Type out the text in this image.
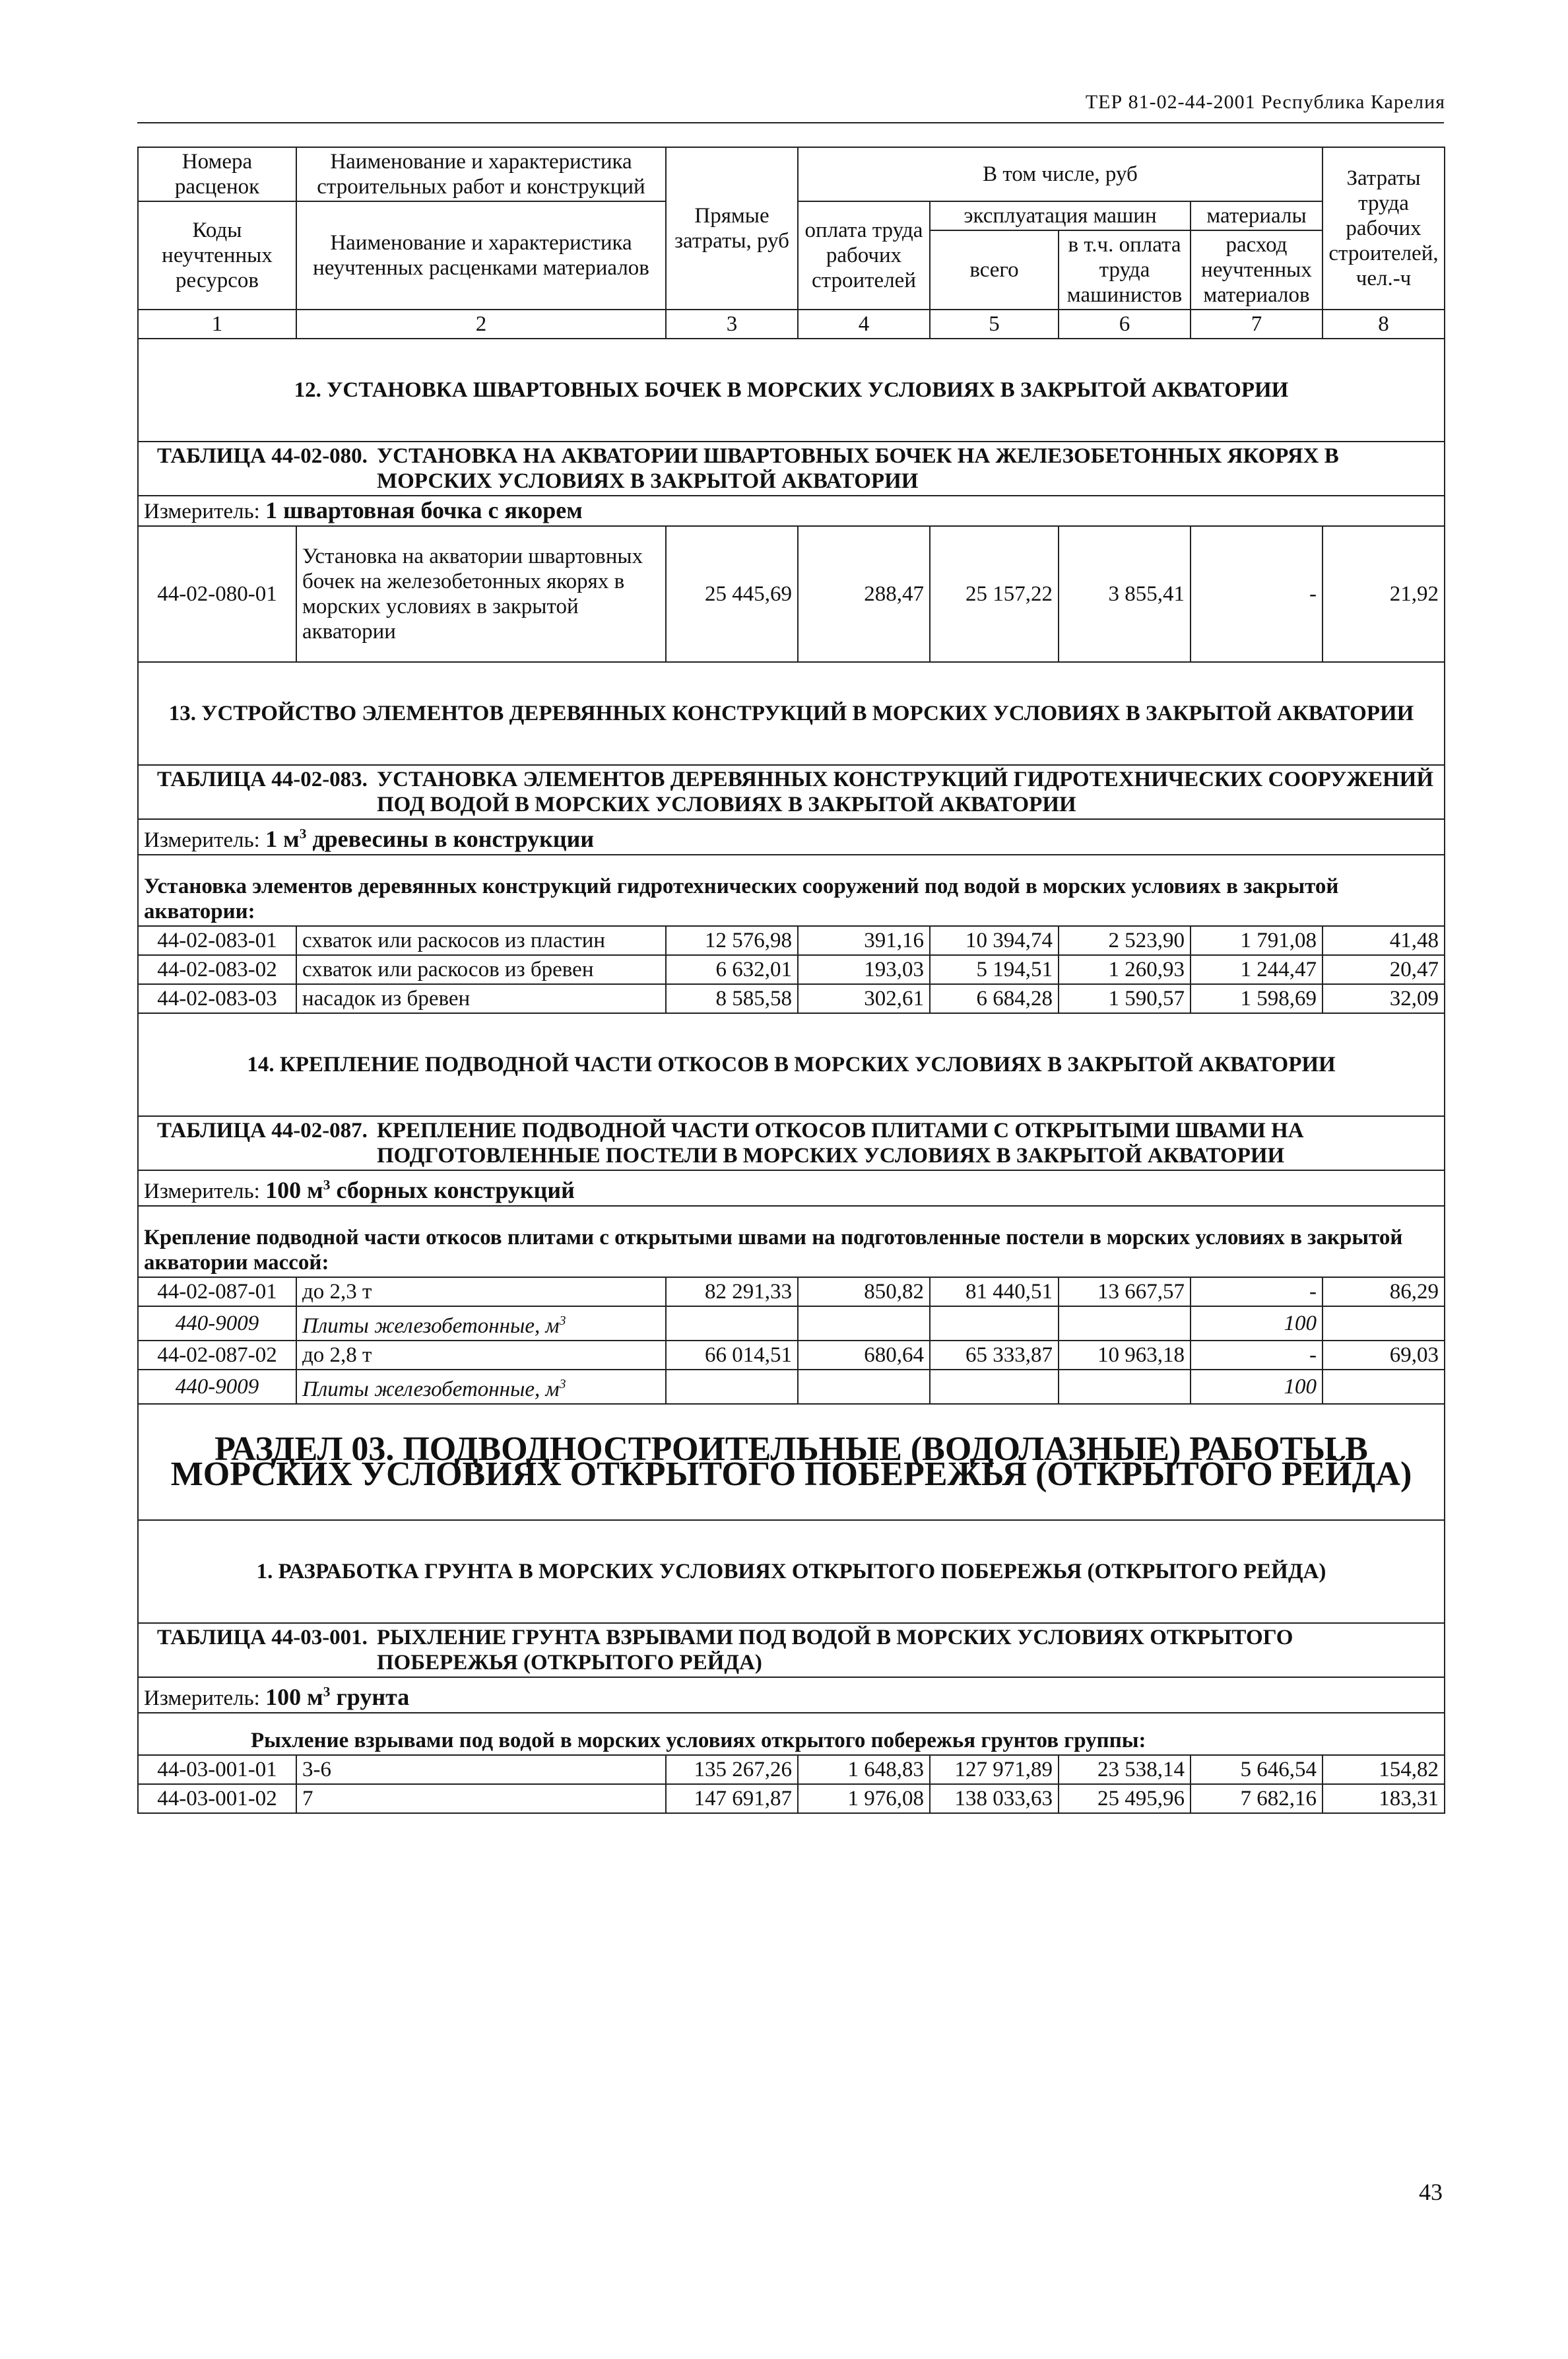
ТЕР 81-02-44-2001 Республика Карелия
Номера расценок	Наименование и характеристика строительных работ и конструкций	Прямые затраты, руб	В том числе, руб				Затраты труда рабочих строителей, чел.-ч
Коды неучтенных ресурсов	Наименование и характеристика неучтенных расценками материалов		оплата труда рабочих строителей	эксплуатация машин		материалы	
				всего	в т.ч. оплата труда машинистов	расход неучтенных материалов	
1	2	3	4	5	6	7	8
12. УСТАНОВКА ШВАРТОВНЫХ БОЧЕК В МОРСКИХ УСЛОВИЯХ В ЗАКРЫТОЙ АКВАТОРИИ							

ТАБЛИЦА 44-02-080. УСТАНОВКА НА АКВАТОРИИ ШВАРТОВНЫХ БОЧЕК НА ЖЕЛЕЗОБЕТОННЫХ ЯКОРЯХ В МОРСКИХ УСЛОВИЯХ В ЗАКРЫТОЙ АКВАТОРИИ							

Измеритель: 1 швартовная бочка с якорем							
44-02-080-01	Установка на акватории швартовных бочек на железобетонных якорях в морских условиях в закрытой акватории	25 445,69	288,47	25 157,22	3 855,41	-	21,92
13. УСТРОЙСТВО ЭЛЕМЕНТОВ ДЕРЕВЯННЫХ КОНСТРУКЦИЙ В МОРСКИХ УСЛОВИЯХ В ЗАКРЫТОЙ АКВАТОРИИ							

ТАБЛИЦА 44-02-083. УСТАНОВКА ЭЛЕМЕНТОВ ДЕРЕВЯННЫХ КОНСТРУКЦИЙ ГИДРОТЕХНИЧЕСКИХ СООРУЖЕНИЙ ПОД ВОДОЙ В МОРСКИХ УСЛОВИЯХ В ЗАКРЫТОЙ АКВАТОРИИ							

Измеритель: 1 $м^3$ древесины в конструкции							
Установка элементов деревянных конструкций гидротехнических сооружений под водой в морских условиях в закрытой акватории:							
44-02-083-01	схваток или раскосов из пластин	12 576,98	391,16	10 394,74	2 523,90	1 791,08	41,48
44-02-083-02	схваток или раскосов из бревен	6 632,01	193,03	5 194,51	1 260,93	1 244,47	20,47
44-02-083-03	насадок из бревен	8 585,58	302,61	6 684,28	1 590,57	1 598,69	32,09
14. КРЕПЛЕНИЕ ПОДВОДНОЙ ЧАСТИ ОТКОСОВ В МОРСКИХ УСЛОВИЯХ В ЗАКРЫТОЙ АКВАТОРИИ							

ТАБЛИЦА 44-02-087. КРЕПЛЕНИЕ ПОДВОДНОЙ ЧАСТИ ОТКОСОВ ПЛИТАМИ С ОТКРЫТЫМИ ШВАМИ НА ПОДГОТОВЛЕННЫЕ ПОСТЕЛИ В МОРСКИХ УСЛОВИЯХ В ЗАКРЫТОЙ АКВАТОРИИ							

Измеритель: 100 $м^3$ сборных конструкций							
Крепление подводной части откосов плитами с открытыми швами на подготовленные постели в морских условиях в закрытой акватории массой:							
44-02-087-01	до 2,3 т	82 291,33	850,82	81 440,51	13 667,57	-	86,29
440-9009	Плиты железобетонные, $м^3$					100	
44-02-087-02	до 2,8 т	66 014,51	680,64	65 333,87	10 963,18	-	69,03
440-9009	Плиты железобетонные, $м^3$					100	
РАЗДЕЛ 03. ПОДВОДНОСТРОИТЕЛЬНЫЕ (ВОДОЛАЗНЫЕ) РАБОТЫ В МОРСКИХ УСЛОВИЯХ ОТКРЫТОГО ПОБЕРЕЖЬЯ (ОТКРЫТОГО РЕЙДА)							
1. РАЗРАБОТКА ГРУНТА В МОРСКИХ УСЛОВИЯХ ОТКРЫТОГО ПОБЕРЕЖЬЯ (ОТКРЫТОГО РЕЙДА)							

ТАБЛИЦА 44-03-001. РЫХЛЕНИЕ ГРУНТА ВЗРЫВАМИ ПОД ВОДОЙ В МОРСКИХ УСЛОВИЯХ ОТКРЫТОГО ПОБЕРЕЖЬЯ (ОТКРЫТОГО РЕЙДА)							

Измеритель: 100 $м^3$ грунта							
Рыхление взрывами под водой в морских условиях открытого побережья грунтов группы:							
44-03-001-01	3-6	135 267,26	1 648,83	127 971,89	23 538,14	5 646,54	154,82
44-03-001-02	7	147 691,87	1 976,08	138 033,63	25 495,96	7 682,16	183,31
43
